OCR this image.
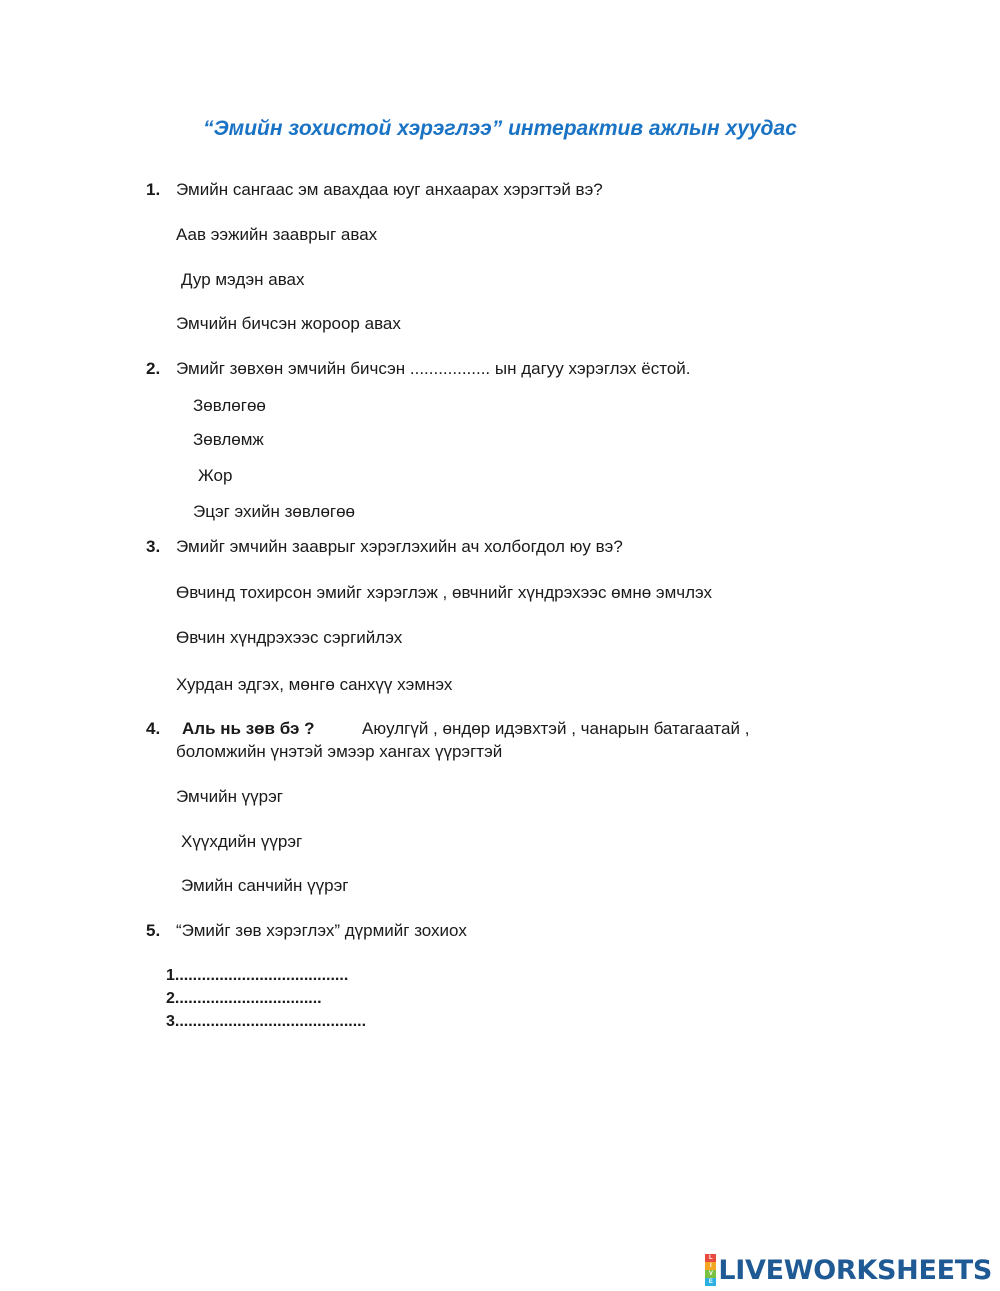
“Эмийн зохистой хэрэглээ” интерактив ажлын хуудас
1. Эмийн сангаас эм авахдаа юуг анхаарах хэрэгтэй вэ?
Аав ээжийн зааврыг авах
Дур мэдэн авах
Эмчийн бичсэн жороор авах
2. Эмийг зөвхөн эмчийн бичсэн ................. ын дагуу хэрэглэх ёстой.
Зөвлөгөө
Зөвлөмж
Жор
Эцэг эхийн зөвлөгөө
3. Эмийг эмчийн зааврыг хэрэглэхийн ач холбогдол юу вэ?
Өвчинд тохирсон эмийг хэрэглэж , өвчнийг хүндрэхээс өмнө эмчлэх
Өвчин хүндрэхээс сэргийлэх
Хурдан эдгэх, мөнгө санхүү хэмнэх
4. Аль нь зөв бэ ?	Аюулгүй , өндөр идэвхтэй , чанарын батагаатай ,
боломжийн үнэтэй эмээр хангах үүрэгтэй
Эмчийн үүрэг
Хүүхдийн үүрэг
Эмийн санчийн үүрэг
5. “Эмийг зөв хэрэглэх” дүрмийг зохиох
1.......................................
2.................................
3...........................................
L
I
V
E LIVEWORKSHEETS
